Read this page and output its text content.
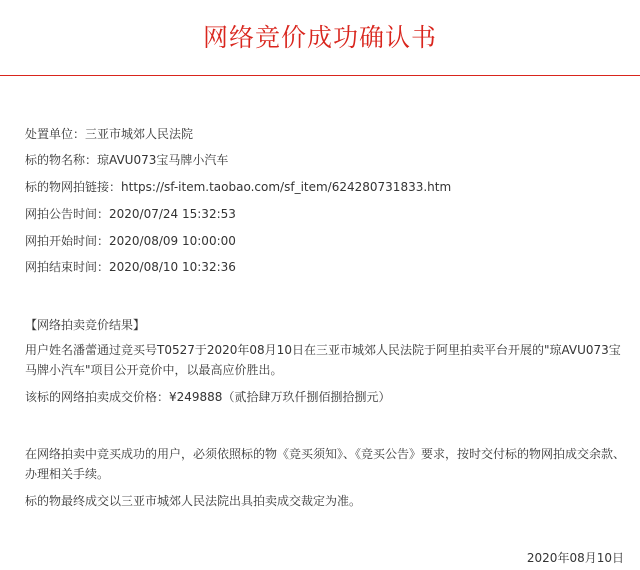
网络竞价成功确认书
处置单位：三亚市城郊人民法院
标的物名称：琼AVU073宝马牌小汽车
标的物网拍链接：https://sf-item.taobao.com/sf_item/624280731833.htm
网拍公告时间：2020/07/24 15:32:53
网拍开始时间：2020/08/09 10:00:00
网拍结束时间：2020/08/10 10:32:36
【网络拍卖竞价结果】
用户姓名潘蕾通过竞买号T0527于2020年08月10日在三亚市城郊人民法院于阿里拍卖平台开展的"琼AVU073宝马牌小汽车"项目公开竞价中，以最高应价胜出。
该标的网络拍卖成交价格：¥249888（贰拾肆万玖仟捌佰捌拾捌元）
在网络拍卖中竞买成功的用户，必须依照标的物《竞买须知》、《竞买公告》要求，按时交付标的物网拍成交余款、办理相关手续。
标的物最终成交以三亚市城郊人民法院出具拍卖成交裁定为准。
2020年08月10日
